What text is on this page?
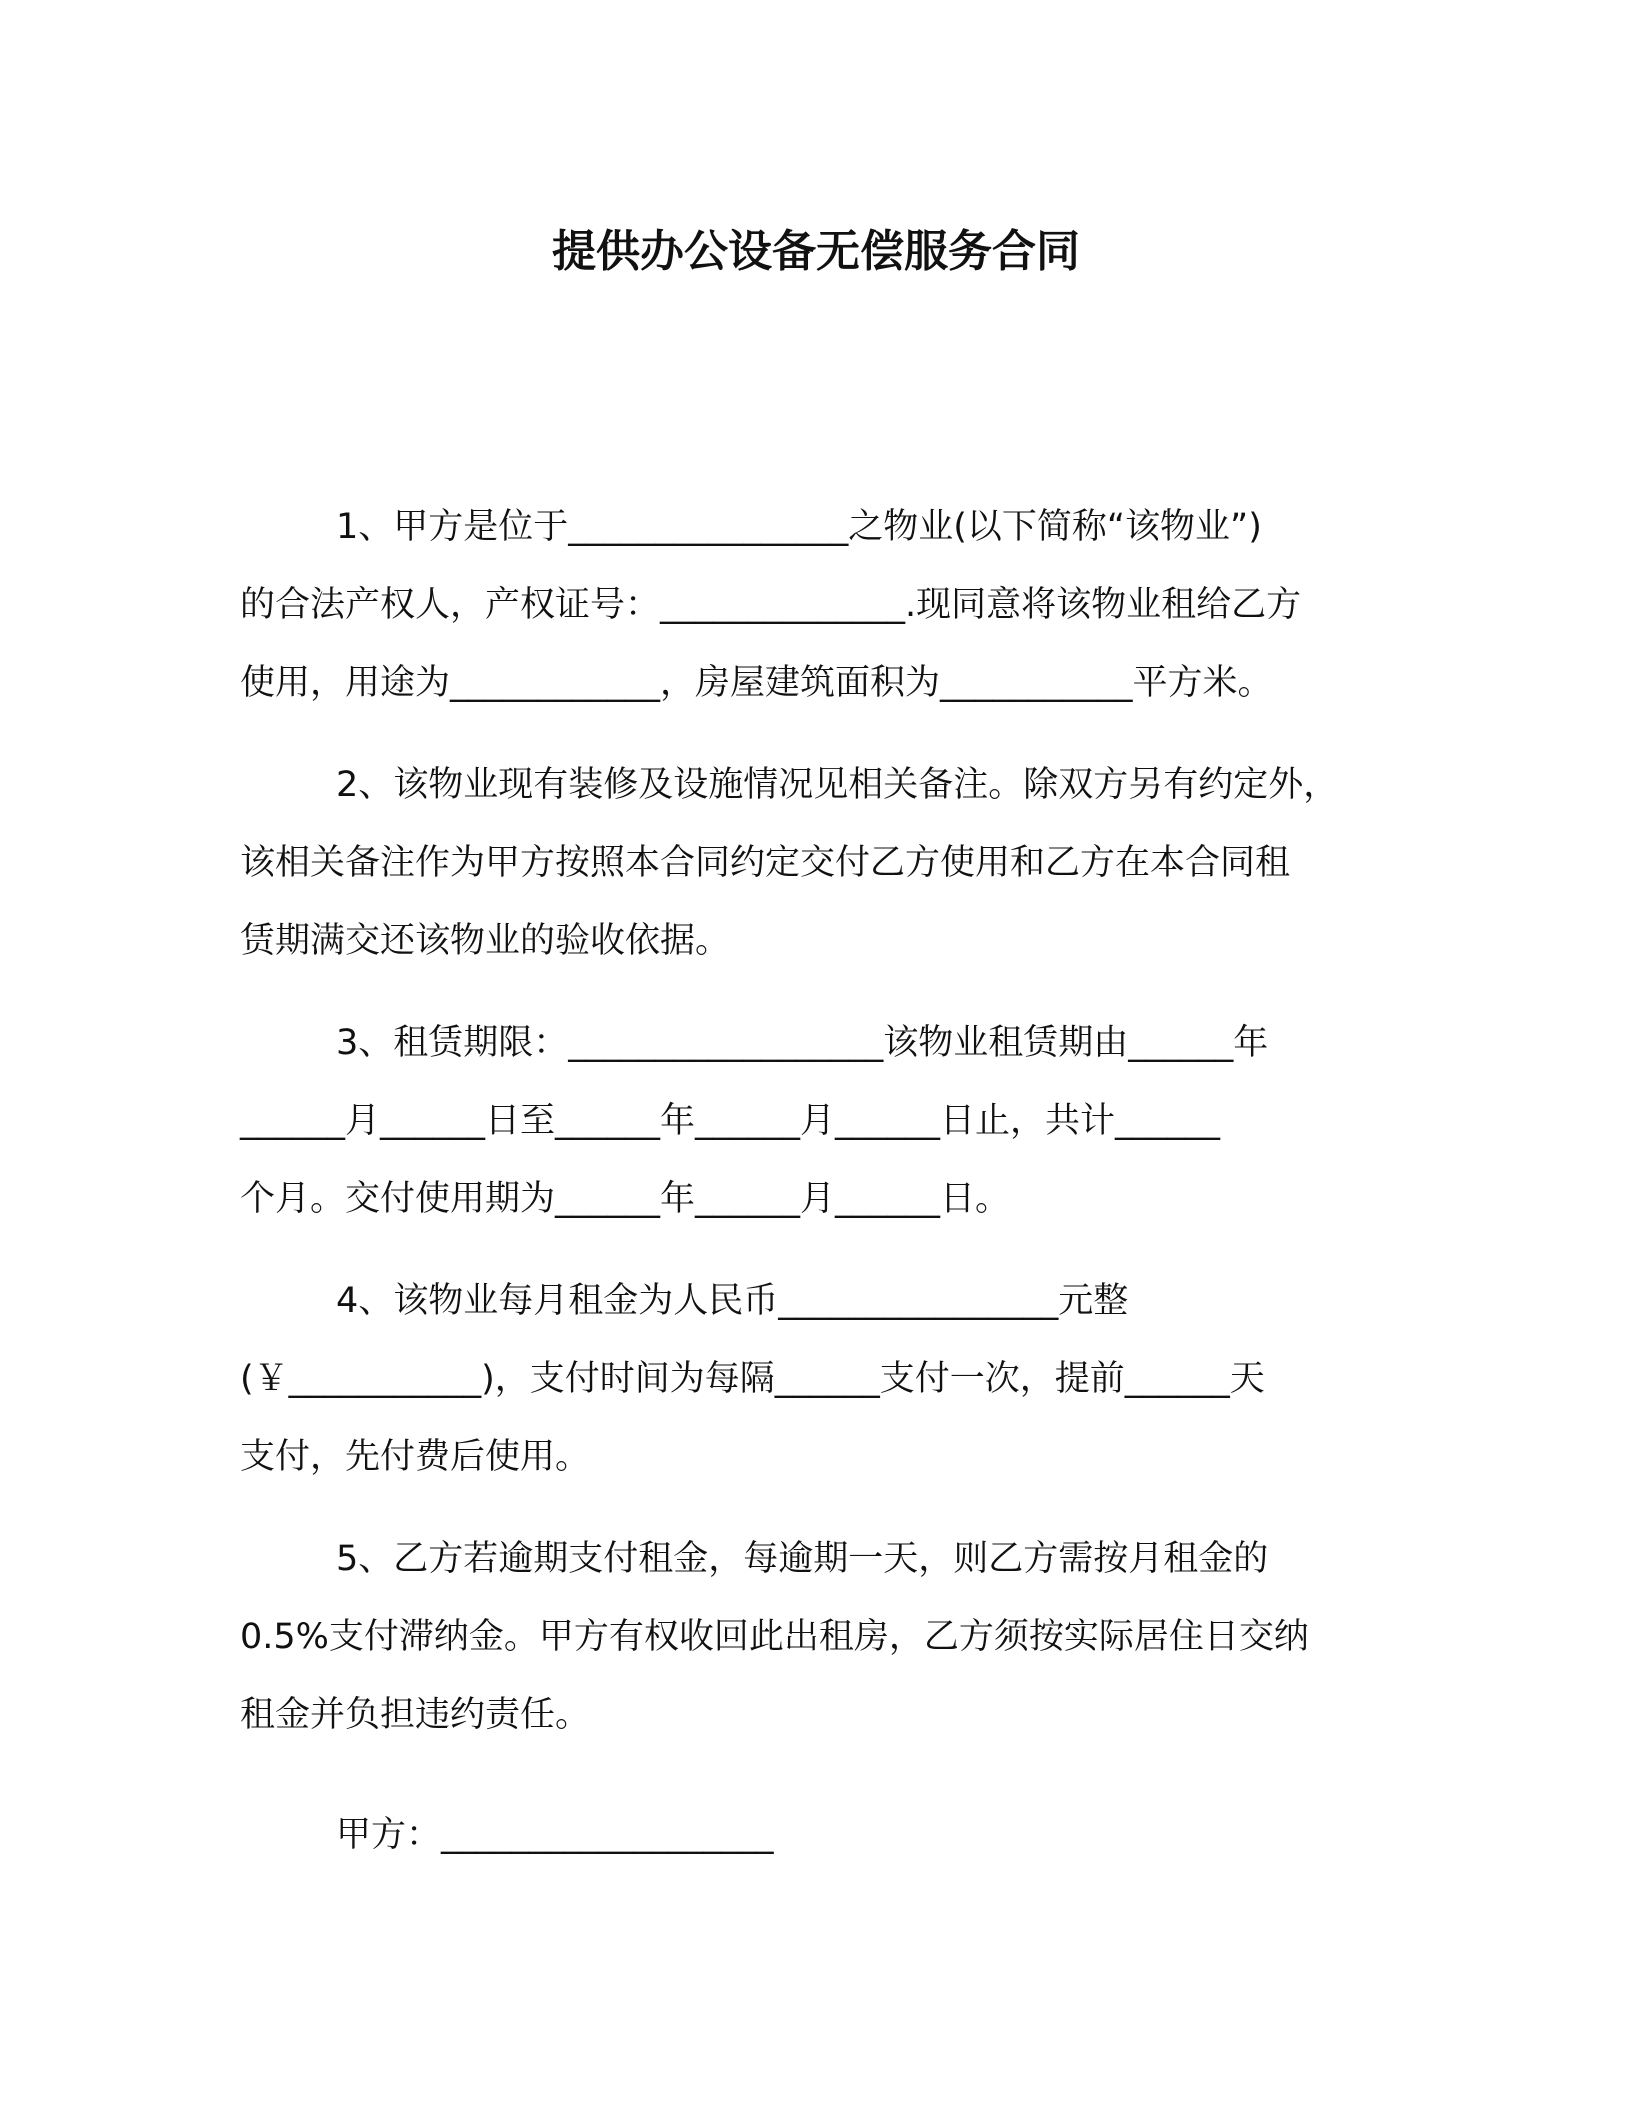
提供办公设备无偿服务合同
1、甲方是位于________________之物业(以下简称“该物业”)
的合法产权人，产权证号：______________.现同意将该物业租给乙方
使用，用途为____________，房屋建筑面积为___________平方米。
2、该物业现有装修及设施情况见相关备注。除双方另有约定外，
该相关备注作为甲方按照本合同约定交付乙方使用和乙方在本合同租
赁期满交还该物业的验收依据。
3、租赁期限：__________________该物业租赁期由______年
______月______日至______年______月______日止，共计______
个月。交付使用期为______年______月______日。
4、该物业每月租金为人民币________________元整
(￥___________)，支付时间为每隔______支付一次，提前______天
支付，先付费后使用。
5、乙方若逾期支付租金，每逾期一天，则乙方需按月租金的
0.5%支付滞纳金。甲方有权收回此出租房，乙方须按实际居住日交纳
租金并负担违约责任。
甲方：___________________
